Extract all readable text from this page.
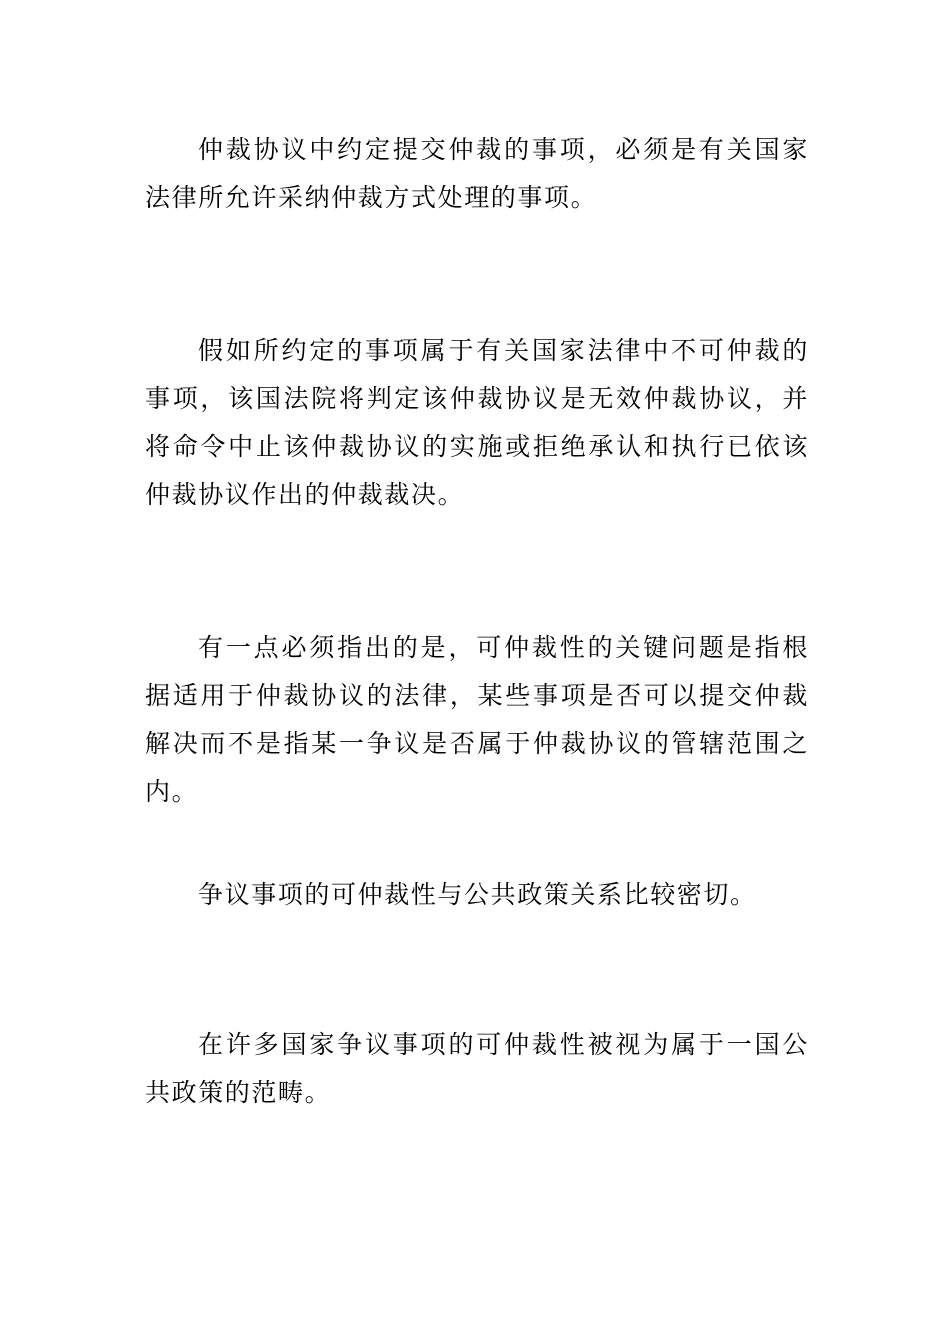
仲裁协议中约定提交仲裁的事项，必须是有关国家法律所允许采纳仲裁方式处理的事项。

假如所约定的事项属于有关国家法律中不可仲裁的事项，该国法院将判定该仲裁协议是无效仲裁协议，并将命令中止该仲裁协议的实施或拒绝承认和执行已依该仲裁协议作出的仲裁裁决。

有一点必须指出的是，可仲裁性的关键问题是指根据适用于仲裁协议的法律，某些事项是否可以提交仲裁解决而不是指某一争议是否属于仲裁协议的管辖范围之内。

争议事项的可仲裁性与公共政策关系比较密切。

在许多国家争议事项的可仲裁性被视为属于一国公共政策的范畴。
